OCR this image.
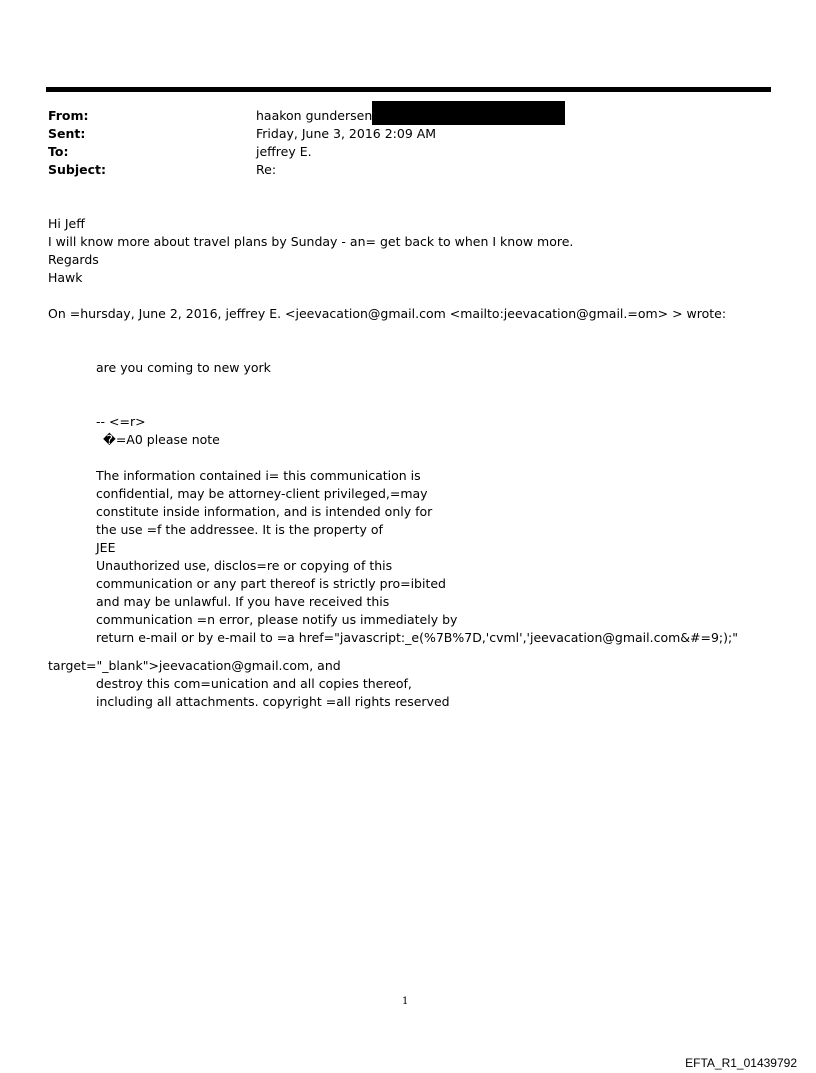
From:	haakon gundersen
Sent:	Friday, June 3, 2016 2:09 AM
To:	jeffrey E.
Subject:	Re:
Hi Jeff
I will know more about travel plans by Sunday - an= get back to when I know more.
Regards
Hawk
On =hursday, June 2, 2016, jeffrey E. <jeevacation@gmail.com <mailto:jeevacation@gmail.=om> > wrote:
are you coming to new york
-- <=r>
�=A0 please note
The information contained i= this communication is
confidential, may be attorney-client privileged,=may
constitute inside information, and is intended only for
the use =f the addressee. It is the property of
JEE
Unauthorized use, disclos=re or copying of this
communication or any part thereof is strictly pro=ibited
and may be unlawful. If you have received this
communication =n error, please notify us immediately by
return e-mail or by e-mail to =a href="javascript:_e(%7B%7D,'cvml','jeevacation@gmail.com&#=9;);"
target="_blank">jeevacation@gmail.com, and
destroy this com=unication and all copies thereof,
including all attachments. copyright =all rights reserved
1
EFTA_R1_01439792
